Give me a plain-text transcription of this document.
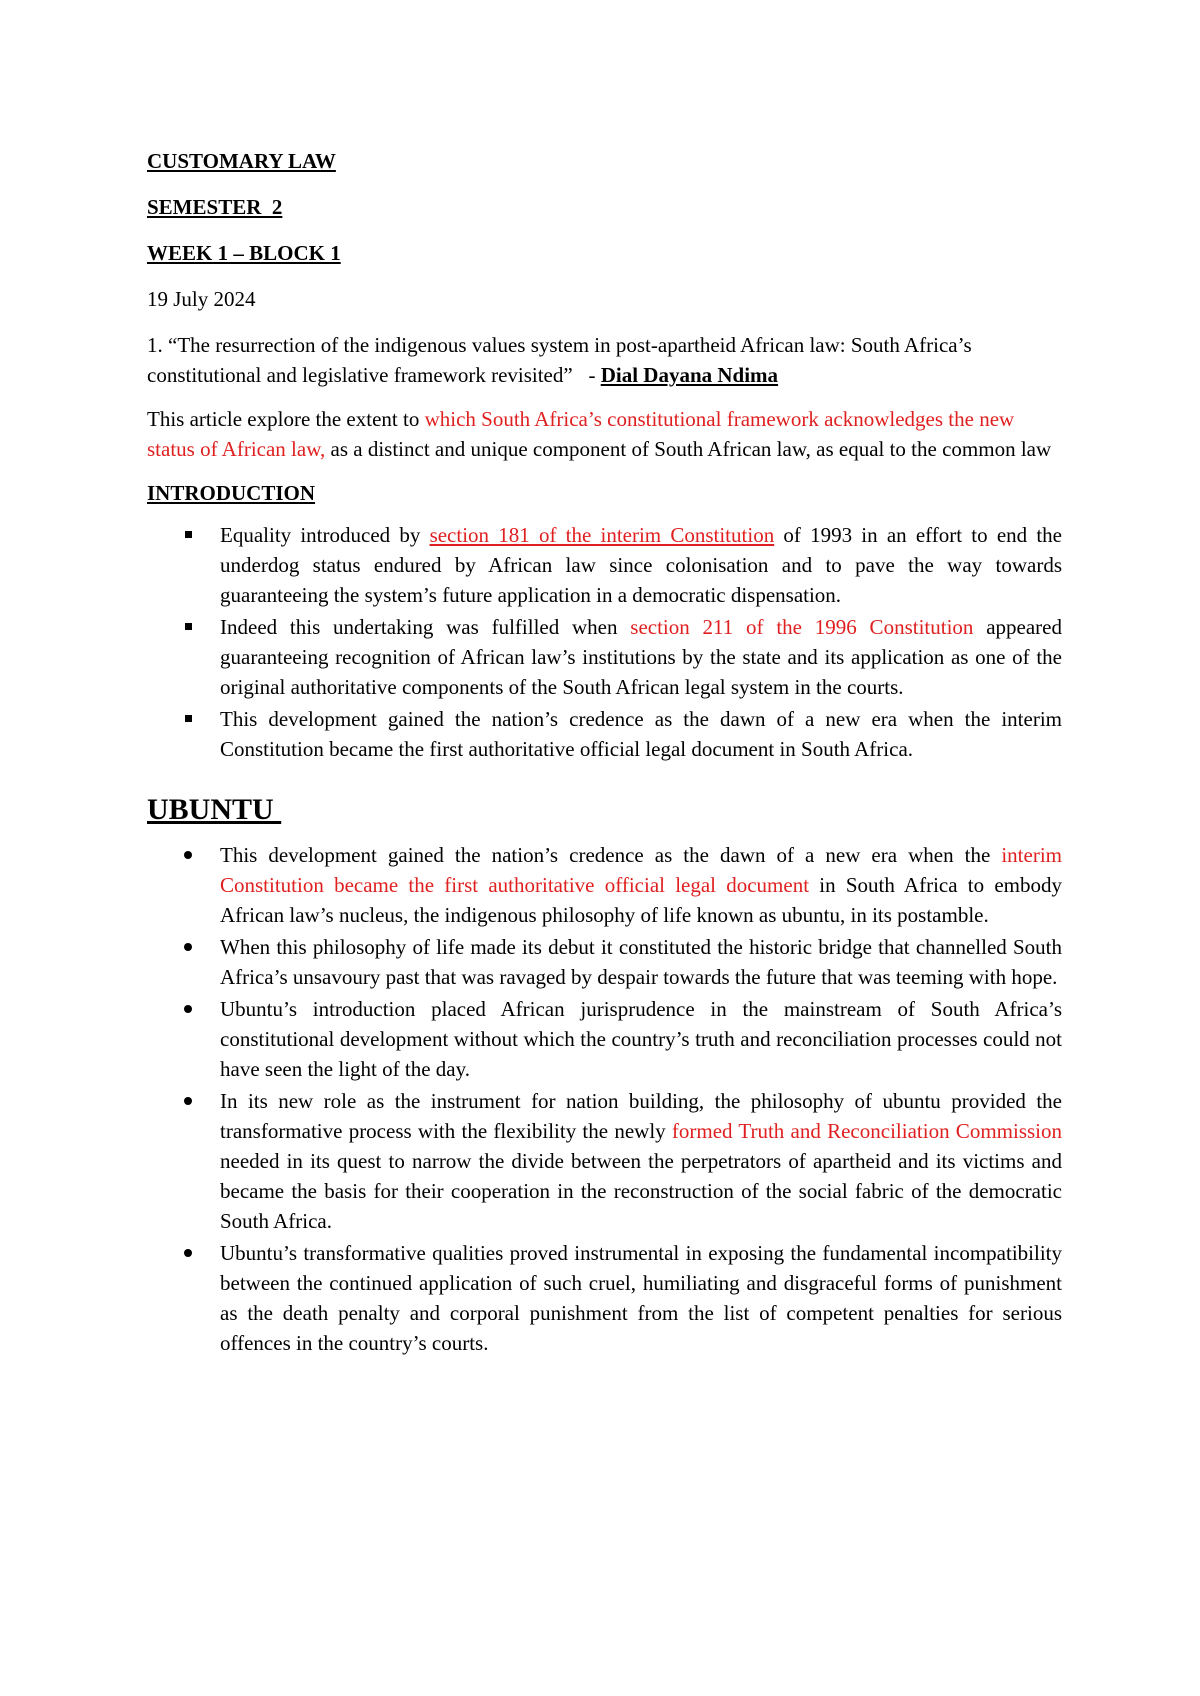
CUSTOMARY LAW

SEMESTER  2

WEEK 1 – BLOCK 1

19 July 2024

1. “The resurrection of the indigenous values system in post-apartheid African law: South Africa’s constitutional and legislative framework revisited”   - Dial Dayana Ndima

This article explore the extent to which South Africa’s constitutional framework acknowledges the new status of African law, as a distinct and unique component of South African law, as equal to the common law

INTRODUCTION

Equality introduced by section 181 of the interim Constitution of 1993 in an effort to end the underdog status endured by African law since colonisation and to pave the way towards guaranteeing the system’s future application in a democratic dispensation.
Indeed this undertaking was fulfilled when section 211 of the 1996 Constitution appeared guaranteeing recognition of African law’s institutions by the state and its application as one of the original authoritative components of the South African legal system in the courts.
This development gained the nation’s credence as the dawn of a new era when the interim Constitution became the first authoritative official legal document in South Africa.

UBUNTU

This development gained the nation’s credence as the dawn of a new era when the interim Constitution became the first authoritative official legal document in South Africa to embody African law’s nucleus, the indigenous philosophy of life known as ubuntu, in its postamble.
When this philosophy of life made its debut it constituted the historic bridge that channelled South Africa’s unsavoury past that was ravaged by despair towards the future that was teeming with hope.
Ubuntu’s introduction placed African jurisprudence in the mainstream of South Africa’s constitutional development without which the country’s truth and reconciliation processes could not have seen the light of the day.
In its new role as the instrument for nation building, the philosophy of ubuntu provided the transformative process with the flexibility the newly formed Truth and Reconciliation Commission needed in its quest to narrow the divide between the perpetrators of apartheid and its victims and became the basis for their cooperation in the reconstruction of the social fabric of the democratic South Africa.
Ubuntu’s transformative qualities proved instrumental in exposing the fundamental incompatibility between the continued application of such cruel, humiliating and disgraceful forms of punishment as the death penalty and corporal punishment from the list of competent penalties for serious offences in the country’s courts.
